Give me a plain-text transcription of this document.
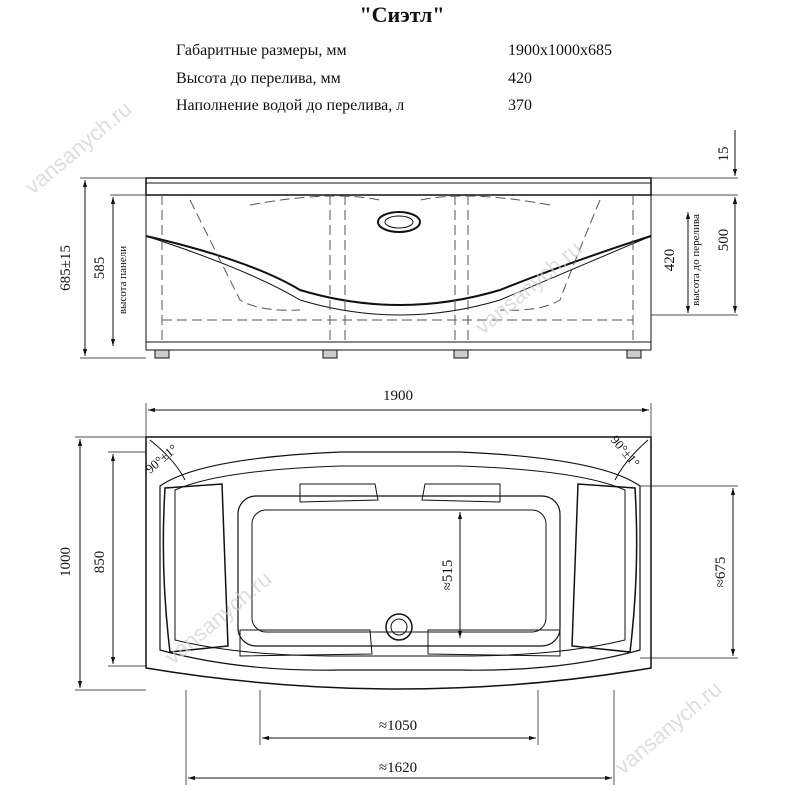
"Сиэтл"
Габаритные размеры, мм	1900x1000x685
Высота до перелива, мм	420
Наполнение водой до перелива, л	370
685±15 585 высота панели
15
500
420 высота до перелива
1900
1000 850	≈515	≈675
≈1050
≈1620
90°±1°	90°±1°
vansanych.ru
vansanych.ru
vansanych.ru
vansanych.ru
